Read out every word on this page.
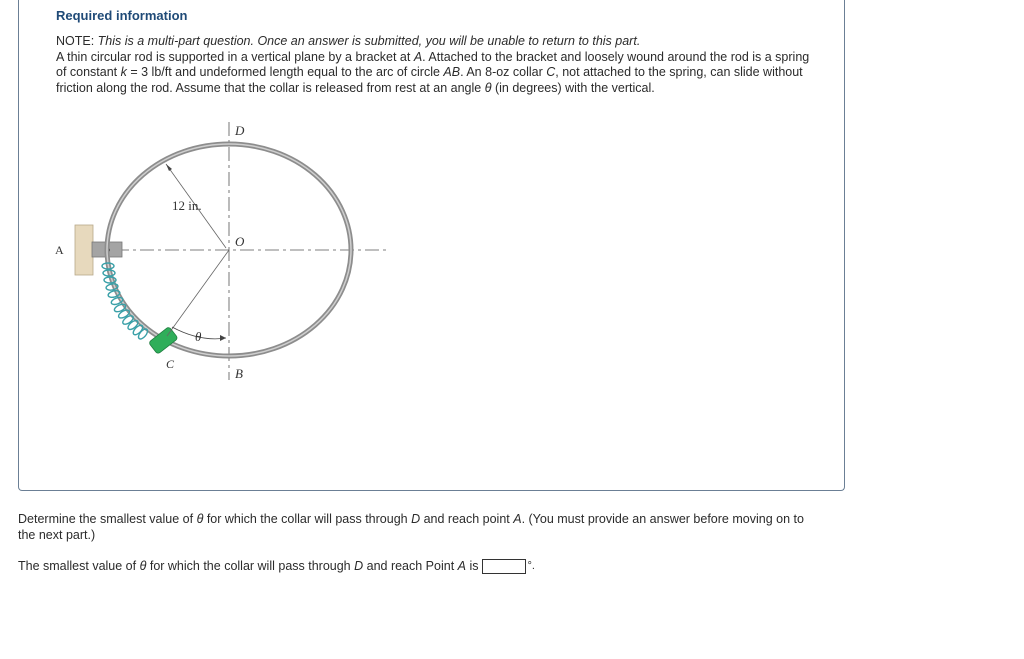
Required information
NOTE: This is a multi-part question. Once an answer is submitted, you will be unable to return to this part.
A thin circular rod is supported in a vertical plane by a bracket at A. Attached to the bracket and loosely wound around the rod is a spring of constant k = 3 lb/ft and undeformed length equal to the arc of circle AB. An 8-oz collar C, not attached to the spring, can slide without friction along the rod. Assume that the collar is released from rest at an angle θ (in degrees) with the vertical.
D
12 in.
O
A
θ
C
B
Determine the smallest value of θ for which the collar will pass through D and reach point A. (You must provide an answer before moving on to the next part.)
The smallest value of θ for which the collar will pass through D and reach Point A is	°.
